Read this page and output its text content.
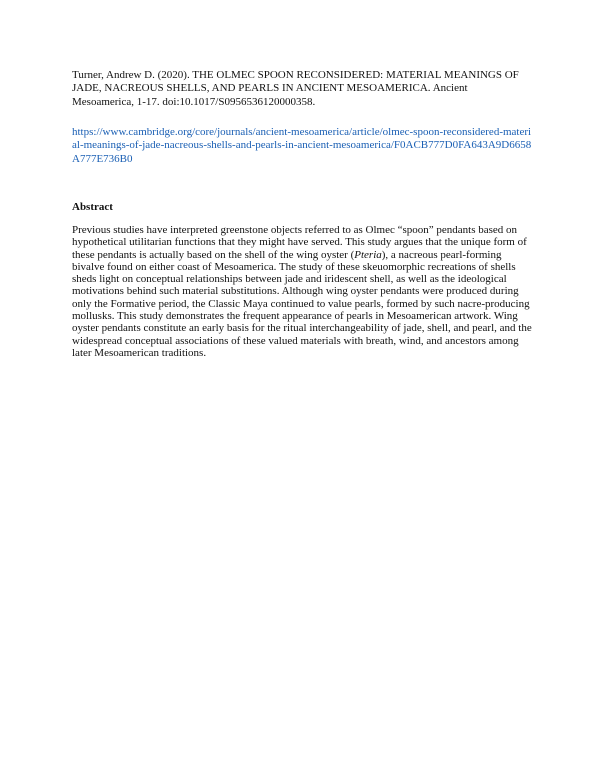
Turner, Andrew D. (2020). THE OLMEC SPOON RECONSIDERED: MATERIAL MEANINGS OF JADE, NACREOUS SHELLS, AND PEARLS IN ANCIENT MESOAMERICA. Ancient Mesoamerica, 1-17. doi:10.1017/S0956536120000358.

https://www.cambridge.org/core/journals/ancient-mesoamerica/article/olmec-spoon-reconsidered-material-meanings-of-jade-nacreous-shells-and-pearls-in-ancient-mesoamerica/F0ACB777D0FA643A9D6658A777E736B0
Abstract

Previous studies have interpreted greenstone objects referred to as Olmec “spoon” pendants based on hypothetical utilitarian functions that they might have served. This study argues that the unique form of these pendants is actually based on the shell of the wing oyster (Pteria), a nacreous pearl-forming bivalve found on either coast of Mesoamerica. The study of these skeuomorphic recreations of shells sheds light on conceptual relationships between jade and iridescent shell, as well as the ideological motivations behind such material substitutions. Although wing oyster pendants were produced during only the Formative period, the Classic Maya continued to value pearls, formed by such nacre-producing mollusks. This study demonstrates the frequent appearance of pearls in Mesoamerican artwork. Wing oyster pendants constitute an early basis for the ritual interchangeability of jade, shell, and pearl, and the widespread conceptual associations of these valued materials with breath, wind, and ancestors among later Mesoamerican traditions.
